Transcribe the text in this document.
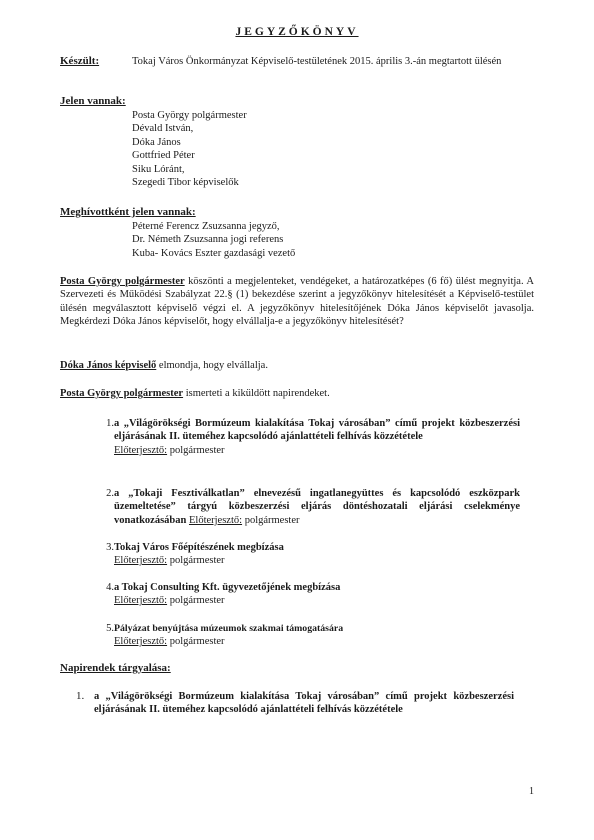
JEGYZŐKÖNYV
Készült:	Tokaj Város Önkormányzat Képviselő-testületének 2015. április 3.-án megtartott ülésén
Jelen vannak:
Posta György polgármester
Dévald István,
Dóka János
Gottfried Péter
Siku Lóránt,
Szegedi Tibor képviselők
Meghívottként jelen vannak:
Péterné Ferencz Zsuzsanna jegyző,
Dr. Németh Zsuzsanna jogi referens
Kuba- Kovács Eszter gazdasági vezető
Posta György polgármester köszönti a megjelenteket, vendégeket, a határozatképes (6 fő) ülést megnyitja. A Szervezeti és Működési Szabályzat 22.§ (1) bekezdése szerint a jegyzőkönyv hitelesítését a Képviselő-testület ülésén megválasztott képviselő végzi el. A jegyzőkönyv hitelesítőjének Dóka János képviselőt javasolja. Megkérdezi Dóka János képviselőt, hogy elvállalja-e a jegyzőkönyv hitelesítését?
Dóka János képviselő elmondja, hogy elvállalja.
Posta György polgármester ismerteti a kiküldött napirendeket.
1. a „Világörökségi Bormúzeum kialakítása Tokaj városában” című projekt közbeszerzési eljárásának II. üteméhez kapcsolódó ajánlattételi felhívás közzététele
Előterjesztő: polgármester
2. a „Tokaji Fesztiválkatlan” elnevezésű ingatlanegyüttes és kapcsolódó eszközpark üzemeltetése” tárgyú közbeszerzési eljárás döntéshozatali eljárási cselekménye vonatkozásában Előterjesztő: polgármester
3. Tokaj Város Főépítészének megbízása
Előterjesztő: polgármester
4. a Tokaj Consulting Kft. ügyvezetőjének megbízása
Előterjesztő: polgármester
5. Pályázat benyújtása múzeumok szakmai támogatására
Előterjesztő: polgármester
Napirendek tárgyalása:
1. a „Világörökségi Bormúzeum kialakítása Tokaj városában” című projekt közbeszerzési eljárásának II. üteméhez kapcsolódó ajánlattételi felhívás közzététele
1
